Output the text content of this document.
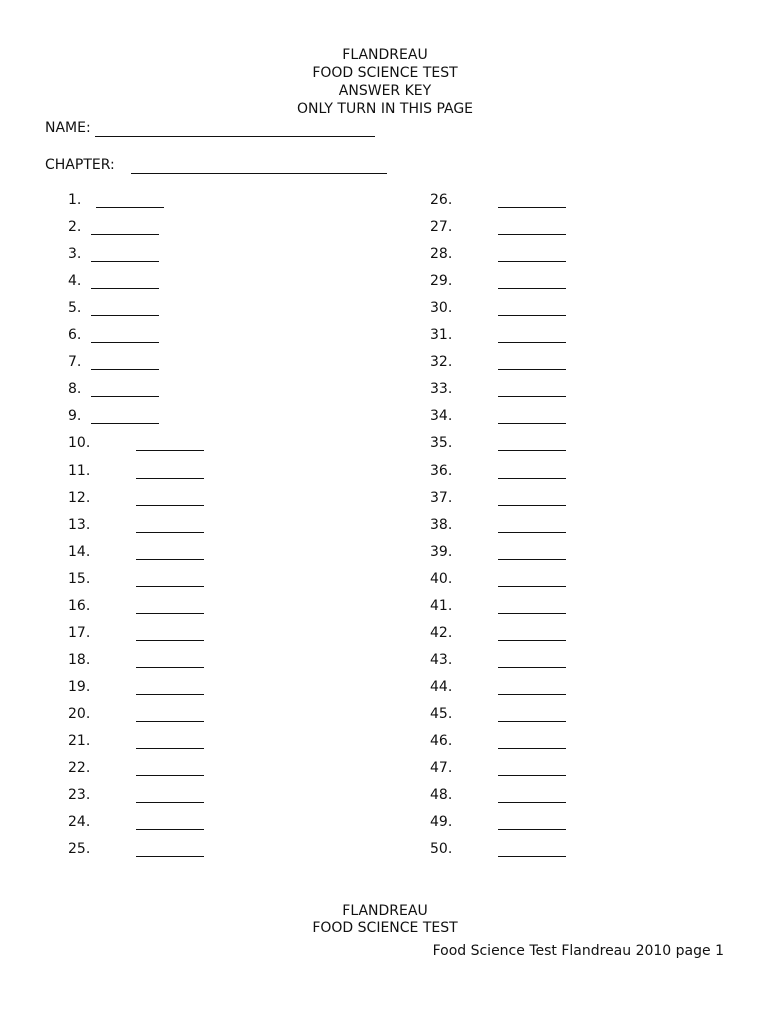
FLANDREAU
FOOD SCIENCE TEST
ANSWER KEY
ONLY TURN IN THIS PAGE
NAME:
CHAPTER:
1.
2.
3.
4.
5.
6.
7.
8.
9.
10.
11.
12.
13.
14.
15.
16.
17.
18.
19.
20.
21.
22.
23.
24.
25.
26.
27.
28.
29.
30.
31.
32.
33.
34.
35.
36.
37.
38.
39.
40.
41.
42.
43.
44.
45.
46.
47.
48.
49.
50.
FLANDREAU
FOOD SCIENCE TEST
Food Science Test Flandreau 2010 page 1
